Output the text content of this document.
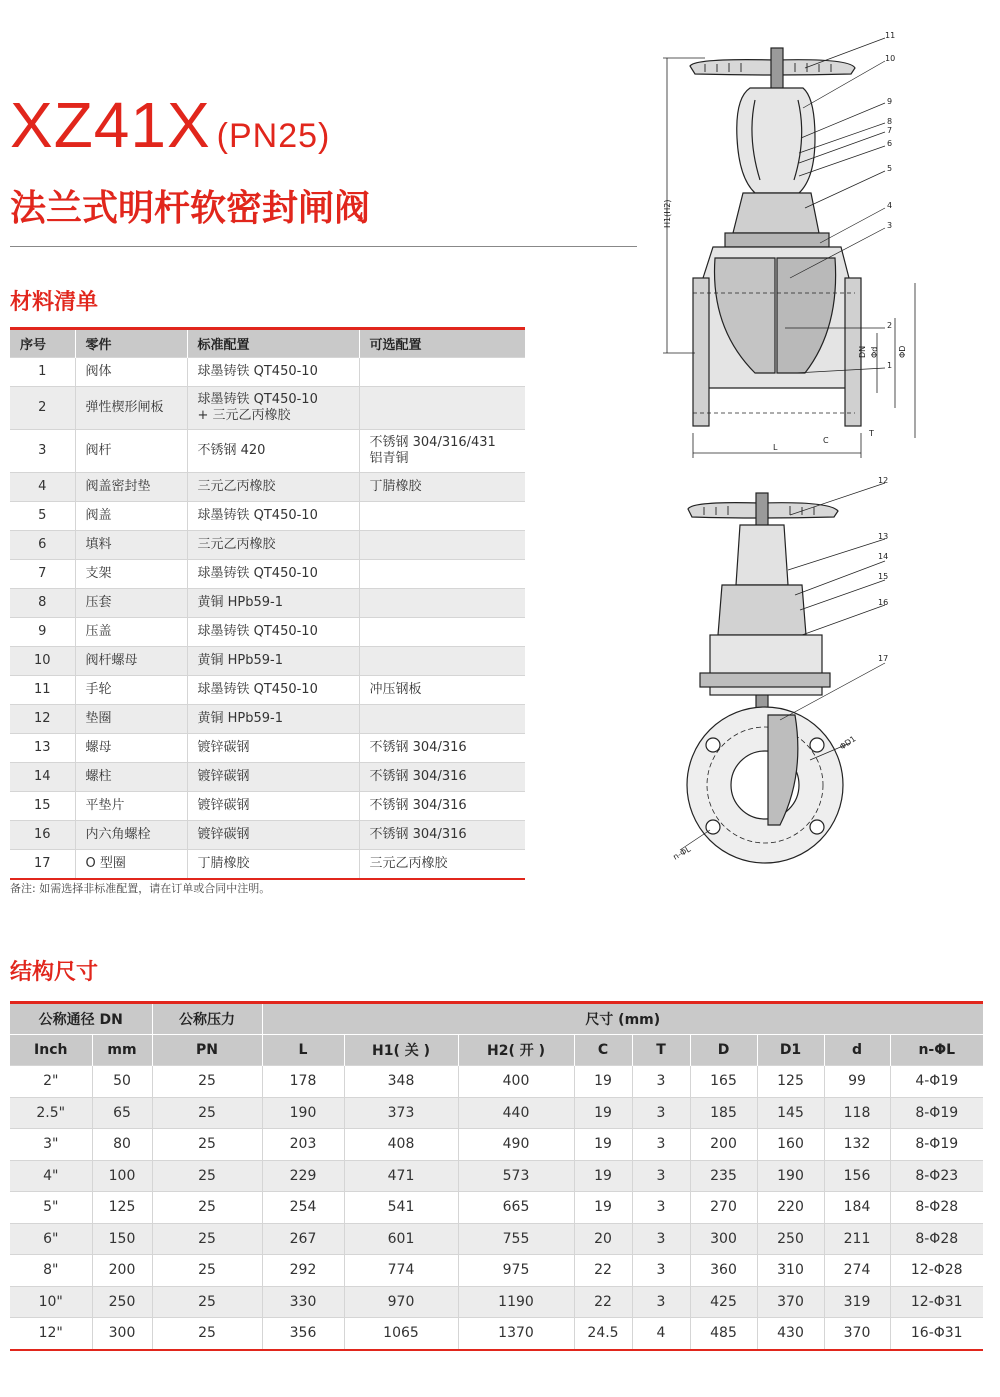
XZ41X (PN25)
法兰式明杆软密封闸阀
材料清单
序号	零件	标准配置	可选配置
1	阀体	球墨铸铁 QT450-10	
2	弹性楔形闸板	球墨铸铁 QT450-10
+ 三元乙丙橡胶	
3	阀杆	不锈钢 420	不锈钢 304/316/431
铝青铜
4	阀盖密封垫	三元乙丙橡胶	丁腈橡胶
5	阀盖	球墨铸铁 QT450-10	
6	填料	三元乙丙橡胶	
7	支架	球墨铸铁 QT450-10	
8	压套	黄铜 HPb59-1	
9	压盖	球墨铸铁 QT450-10	
10	阀杆螺母	黄铜 HPb59-1	
11	手轮	球墨铸铁 QT450-10	冲压钢板
12	垫圈	黄铜 HPb59-1	
13	螺母	镀锌碳钢	不锈钢 304/316
14	螺柱	镀锌碳钢	不锈钢 304/316
15	平垫片	镀锌碳钢	不锈钢 304/316
16	内六角螺栓	镀锌碳钢	不锈钢 304/316
17	O 型圈	丁腈橡胶	三元乙丙橡胶
备注: 如需选择非标准配置，请在订单或合同中注明。
结构尺寸
公称通径 DN		公称压力	尺寸 (mm)								
Inch	mm	PN	L	H1( 关 )	H2( 开 )	C	T	D	D1	d	n-ΦL
2"	50	25	178	348	400	19	3	165	125	99	4-Φ19
2.5"	65	25	190	373	440	19	3	185	145	118	8-Φ19
3"	80	25	203	408	490	19	3	200	160	132	8-Φ19
4"	100	25	229	471	573	19	3	235	190	156	8-Φ23
5"	125	25	254	541	665	19	3	270	220	184	8-Φ28
6"	150	25	267	601	755	20	3	300	250	211	8-Φ28
8"	200	25	292	774	975	22	3	360	310	274	12-Φ28
10"	250	25	330	970	1190	22	3	425	370	319	12-Φ31
12"	300	25	356	1065	1370	24.5	4	485	430	370	16-Φ31
H1(H2)
L
C
T
DN Φd ΦD
11
10
9
8
7
6
5
4
3
2
1
12
13
14
15
16
17
ΦD1
n-ΦL
